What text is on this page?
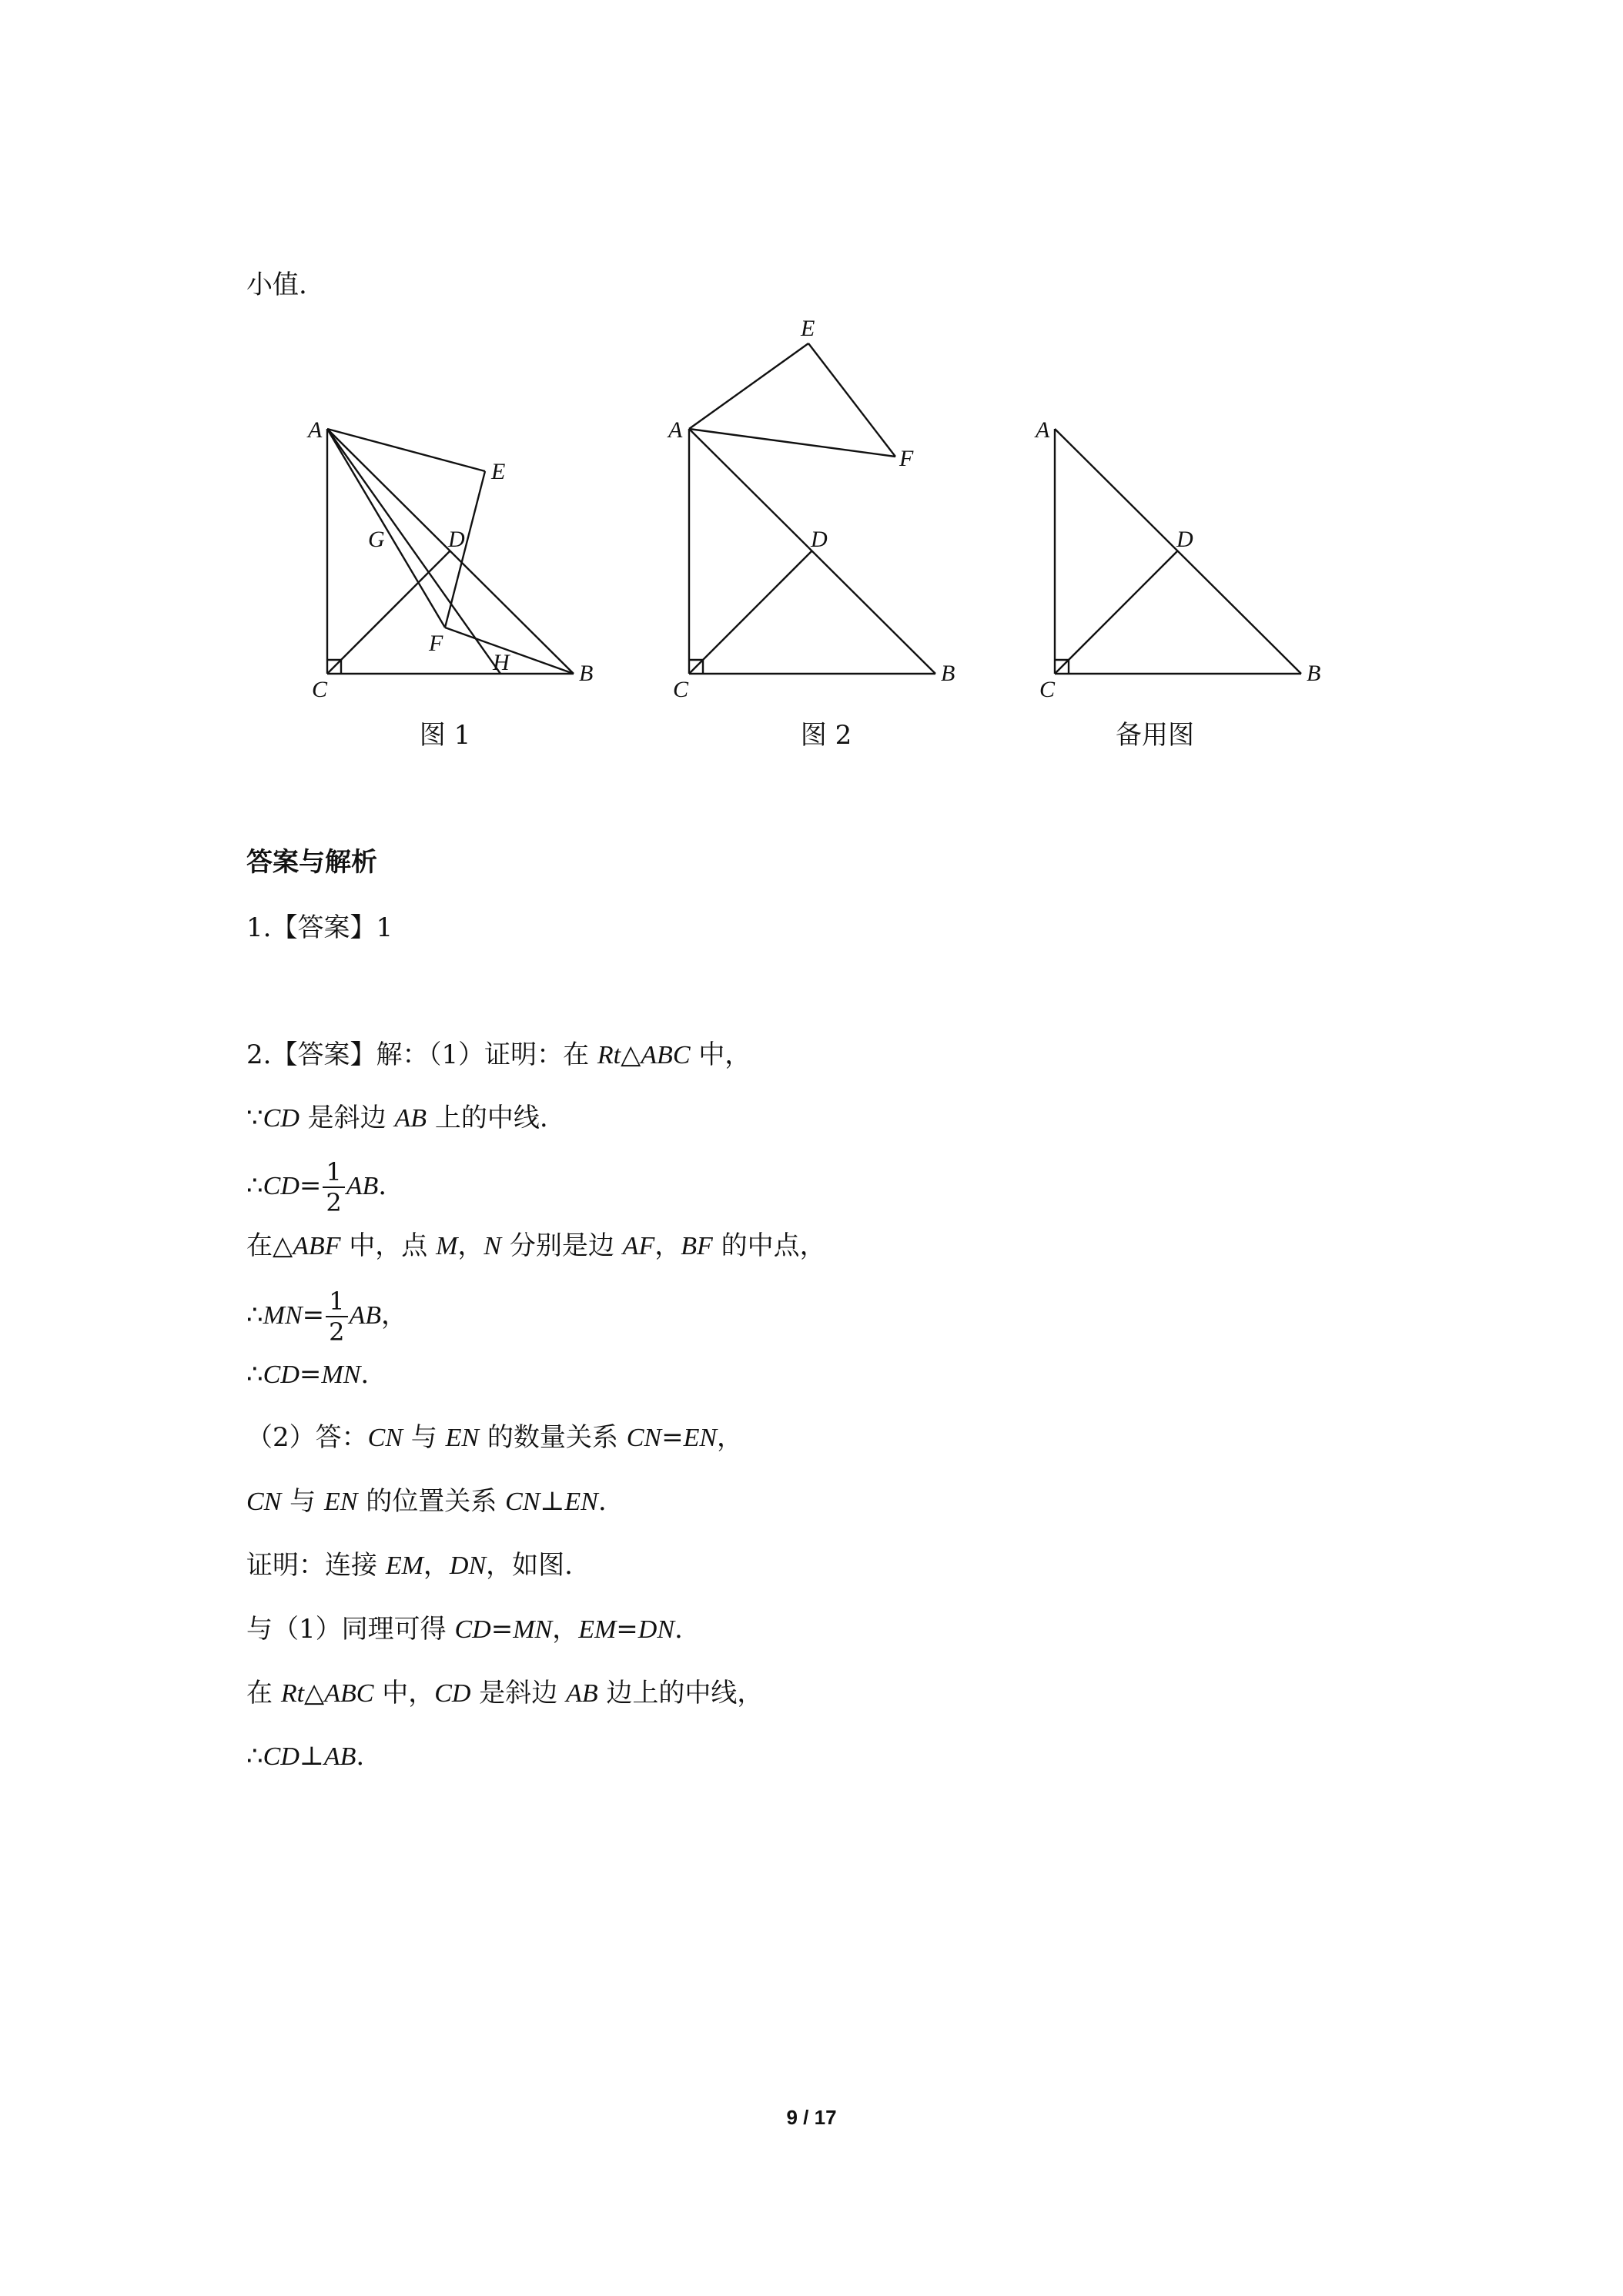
小值.
A
E
G	D
F
C
H	B
E
A
F
D
C
B
A
D
C
B
图 1	图 2	备用图
答案与解析
1.【答案】1
2.【答案】解：（1）证明：在 Rt△ABC 中，
∵CD 是斜边 AB 上的中线.
∴CD= $\frac{1}{2}$ AB.
在△ABF 中，点 M，N 分别是边 AF，BF 的中点，
∴MN= $\frac{1}{2}$ AB，
∴CD=MN.
（2）答：CN 与 EN 的数量关系 CN=EN，
CN 与 EN 的位置关系 CN⊥EN.
证明：连接 EM，DN，如图.
与（1）同理可得 CD=MN，EM=DN.
在 Rt△ABC 中，CD 是斜边 AB 边上的中线，
∴CD⊥AB.
9 / 17
